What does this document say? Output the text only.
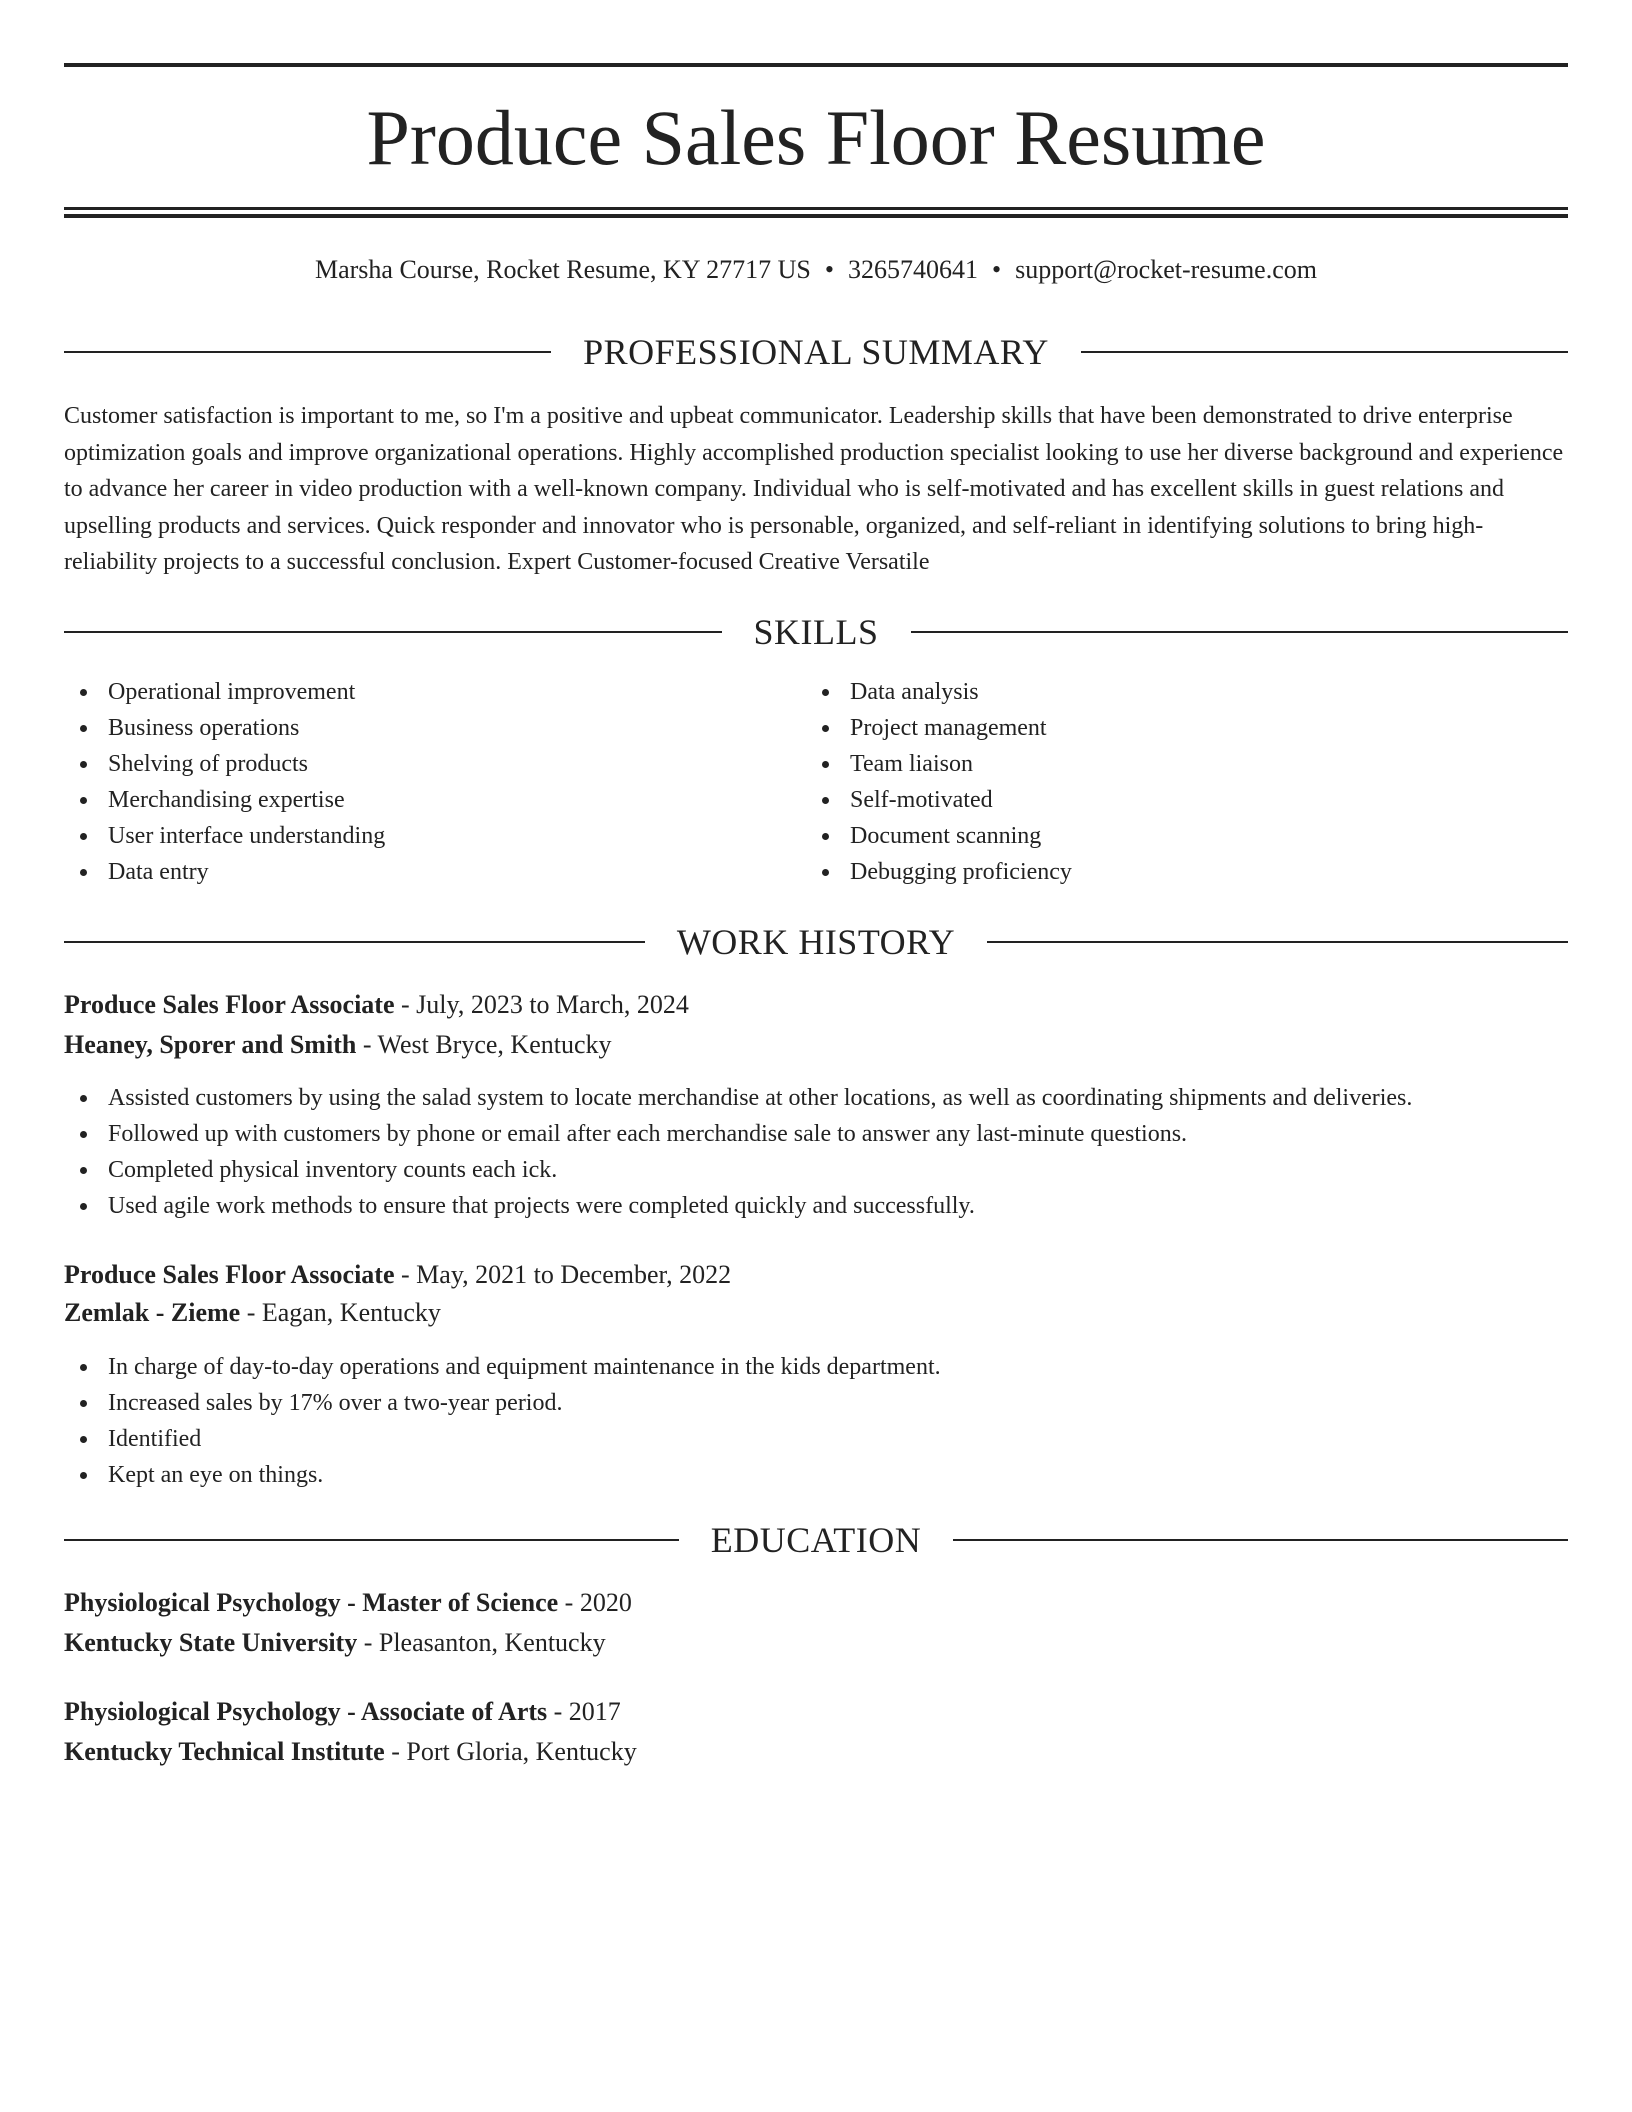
Produce Sales Floor Resume
Marsha Course, Rocket Resume, KY 27717 US • 3265740641 • support@rocket-resume.com
PROFESSIONAL SUMMARY

Customer satisfaction is important to me, so I'm a positive and upbeat communicator. Leadership skills that have been demonstrated to drive enterprise optimization goals and improve organizational operations. Highly accomplished production specialist looking to use her diverse background and experience to advance her career in video production with a well-known company. Individual who is self-motivated and has excellent skills in guest relations and upselling products and services. Quick responder and innovator who is personable, organized, and self-reliant in identifying solutions to bring high-reliability projects to a successful conclusion. Expert Customer-focused Creative Versatile

SKILLS
Operational improvement
Business operations
Shelving of products
Merchandising expertise
User interface understanding
Data entry
Data analysis
Project management
Team liaison
Self-motivated
Document scanning
Debugging proficiency
WORK HISTORY
Produce Sales Floor Associate - July, 2023 to March, 2024
Heaney, Sporer and Smith - West Bryce, Kentucky
Assisted customers by using the salad system to locate merchandise at other locations, as well as coordinating shipments and deliveries.
Followed up with customers by phone or email after each merchandise sale to answer any last-minute questions.
Completed physical inventory counts each ick.
Used agile work methods to ensure that projects were completed quickly and successfully.
Produce Sales Floor Associate - May, 2021 to December, 2022
Zemlak - Zieme - Eagan, Kentucky
In charge of day-to-day operations and equipment maintenance in the kids department.
Increased sales by 17% over a two-year period.
Identified
Kept an eye on things.
EDUCATION
Physiological Psychology - Master of Science - 2020
Kentucky State University - Pleasanton, Kentucky
Physiological Psychology - Associate of Arts - 2017
Kentucky Technical Institute - Port Gloria, Kentucky
